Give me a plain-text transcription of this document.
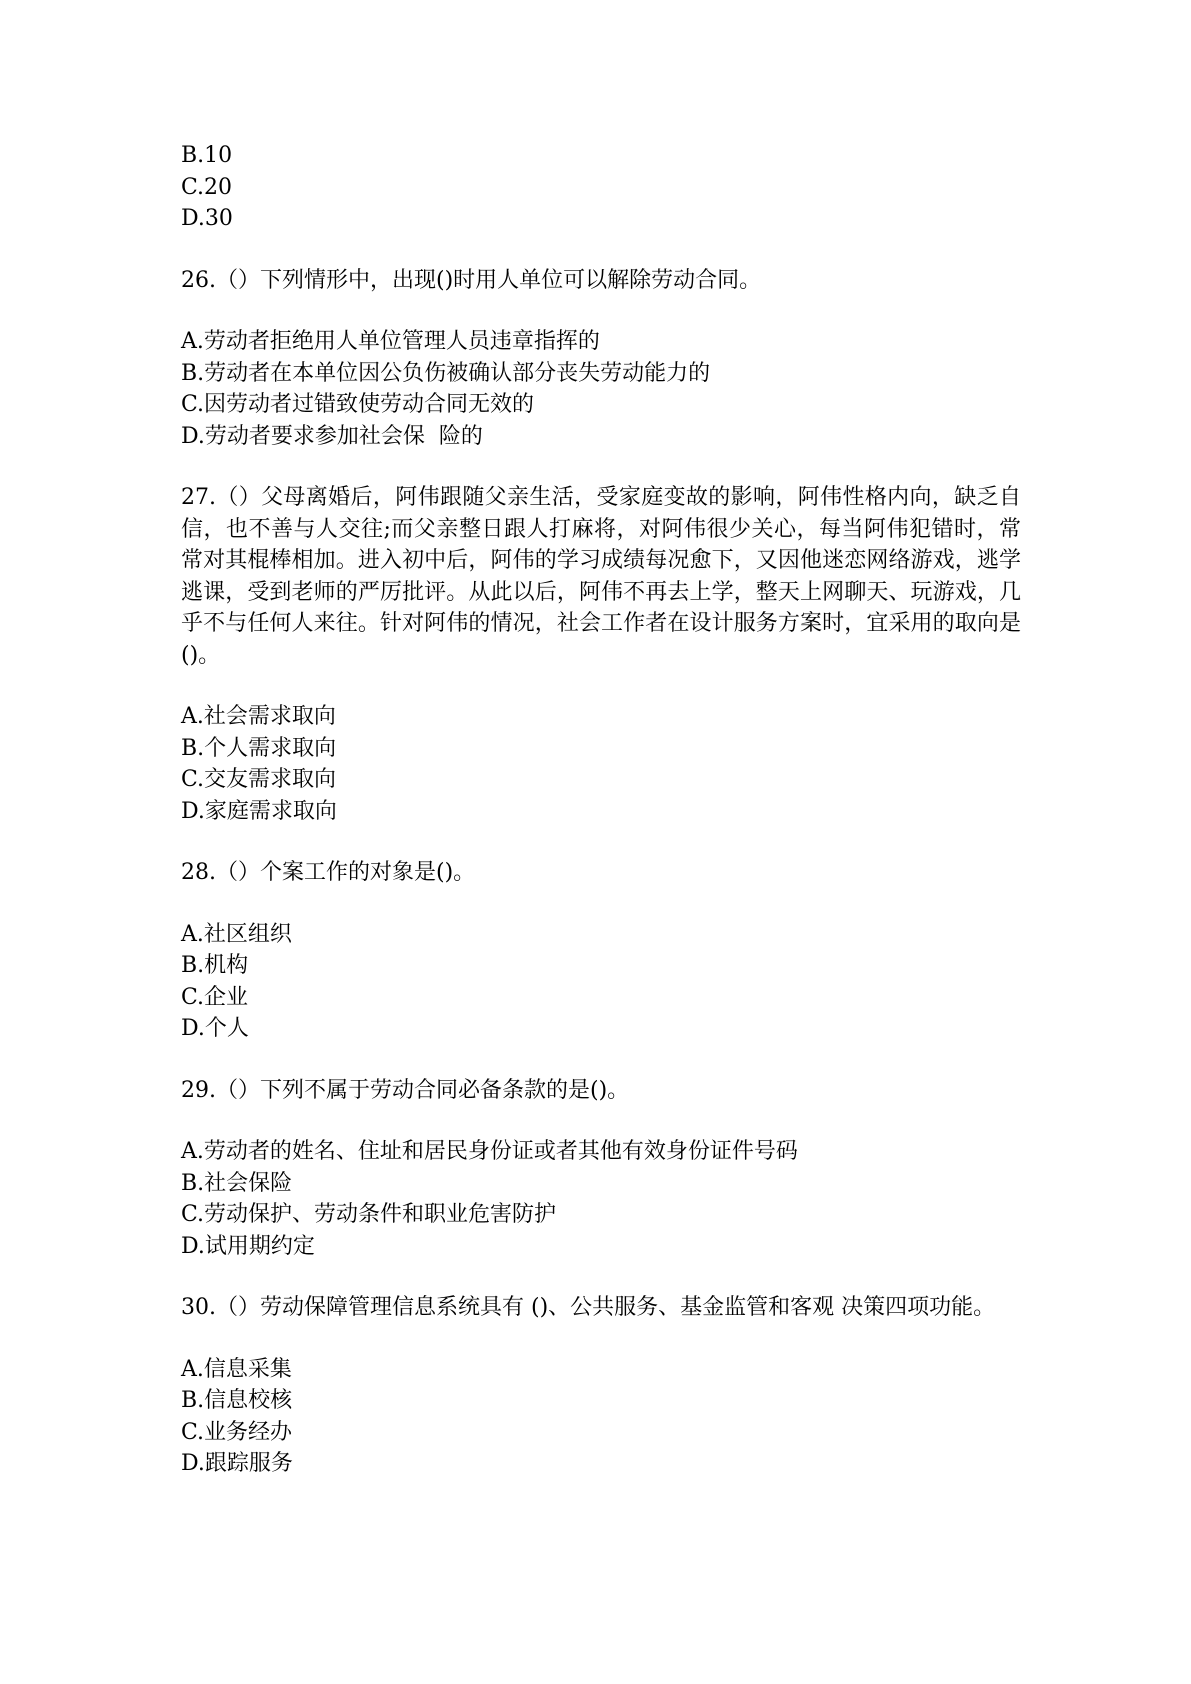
B.10
C.20
D.30
26.（）下列情形中，出现()时用人单位可以解除劳动合同。
A.劳动者拒绝用人单位管理人员违章指挥的
B.劳动者在本单位因公负伤被确认部分丧失劳动能力的
C.因劳动者过错致使劳动合同无效的
D.劳动者要求参加社会保  险的
27.（）父母离婚后，阿伟跟随父亲生活，受家庭变故的影响，阿伟性格内向，缺乏自信，也不善与人交往;而父亲整日跟人打麻将，对阿伟很少关心，每当阿伟犯错时，常常对其棍棒相加。进入初中后，阿伟的学习成绩每况愈下，又因他迷恋网络游戏，逃学逃课，受到老师的严厉批评。从此以后，阿伟不再去上学，整天上网聊天、玩游戏，几乎不与任何人来往。针对阿伟的情况，社会工作者在设计服务方案时，宜采用的取向是()。
A.社会需求取向
B.个人需求取向
C.交友需求取向
D.家庭需求取向
28.（）个案工作的对象是()。
A.社区组织
B.机构
C.企业
D.个人
29.（）下列不属于劳动合同必备条款的是()。
A.劳动者的姓名、住址和居民身份证或者其他有效身份证件号码
B.社会保险
C.劳动保护、劳动条件和职业危害防护
D.试用期约定
30.（）劳动保障管理信息系统具有 ()、公共服务、基金监管和客观 决策四项功能。
A.信息采集
B.信息校核
C.业务经办
D.跟踪服务
